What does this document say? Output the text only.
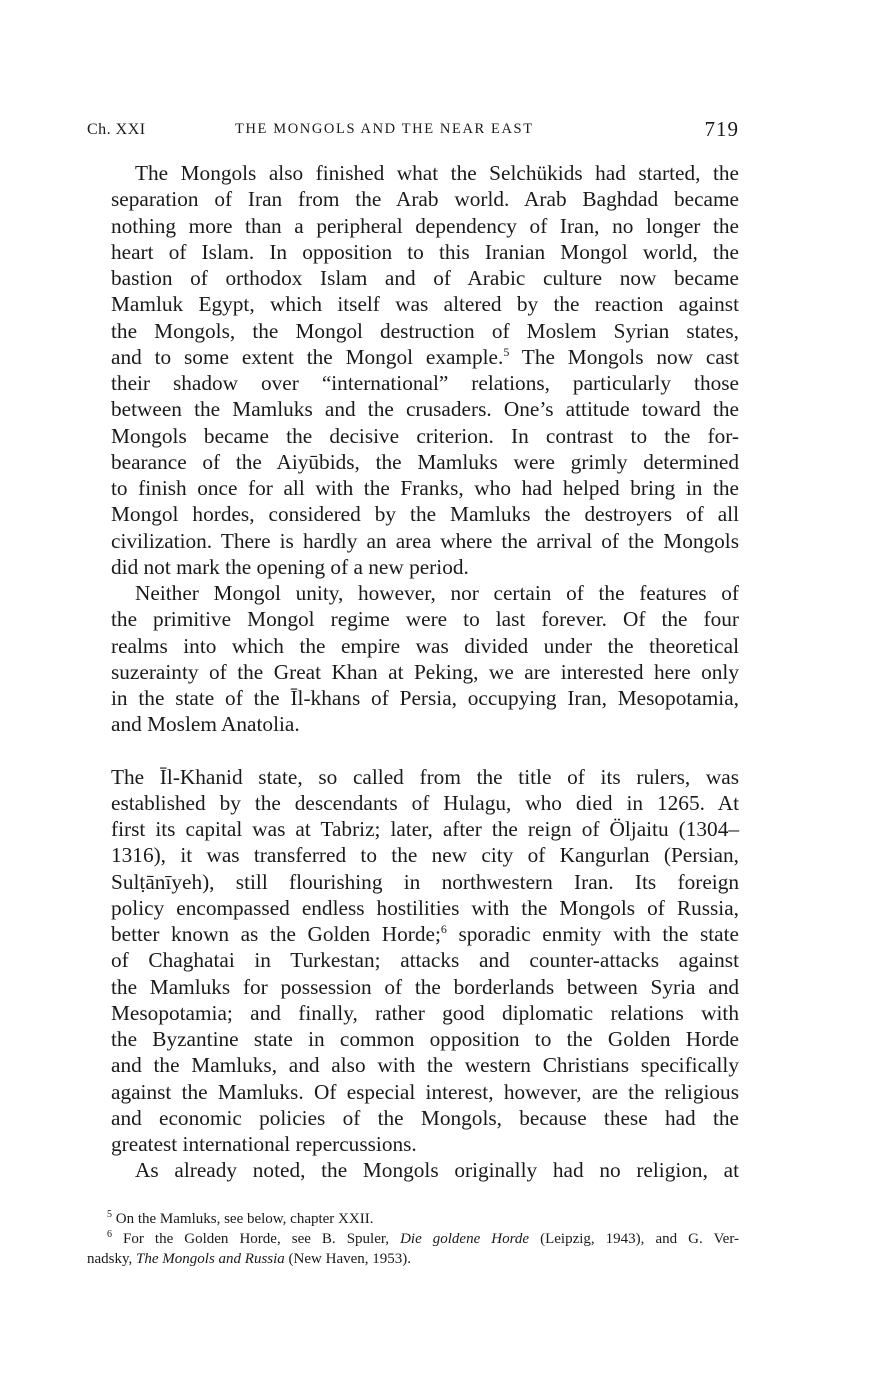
Ch. XXI	THE MONGOLS AND THE NEAR EAST	719
The Mongols also finished what the Selchükids had started, the
separation of Iran from the Arab world. Arab Baghdad became
nothing more than a peripheral dependency of Iran, no longer the
heart of Islam. In opposition to this Iranian Mongol world, the
bastion of orthodox Islam and of Arabic culture now became
Mamluk Egypt, which itself was altered by the reaction against
the Mongols, the Mongol destruction of Moslem Syrian states,
and to some extent the Mongol example.$^5$ The Mongols now cast
their shadow over “international” relations, particularly those
between the Mamluks and the crusaders. One’s attitude toward the
Mongols became the decisive criterion. In contrast to the for-
bearance of the Aiyūbids, the Mamluks were grimly determined
to finish once for all with the Franks, who had helped bring in the
Mongol hordes, considered by the Mamluks the destroyers of all
civilization. There is hardly an area where the arrival of the Mongols
did not mark the opening of a new period.
Neither Mongol unity, however, nor certain of the features of
the primitive Mongol regime were to last forever. Of the four
realms into which the empire was divided under the theoretical
suzerainty of the Great Khan at Peking, we are interested here only
in the state of the Īl-khans of Persia, occupying Iran, Mesopotamia,
and Moslem Anatolia.
The Īl-Khanid state, so called from the title of its rulers, was
established by the descendants of Hulagu, who died in 1265. At
first its capital was at Tabriz; later, after the reign of Öljaitu (1304–
1316), it was transferred to the new city of Kangurlan (Persian,
Sulṭānīyeh), still flourishing in northwestern Iran. Its foreign
policy encompassed endless hostilities with the Mongols of Russia,
better known as the Golden Horde;$^6$ sporadic enmity with the state
of Chaghatai in Turkestan; attacks and counter-attacks against
the Mamluks for possession of the borderlands between Syria and
Mesopotamia; and finally, rather good diplomatic relations with
the Byzantine state in common opposition to the Golden Horde
and the Mamluks, and also with the western Christians specifically
against the Mamluks. Of especial interest, however, are the religious
and economic policies of the Mongols, because these had the
greatest international repercussions.
As already noted, the Mongols originally had no religion, at
$^5$ On the Mamluks, see below, chapter XXII.
$^6$ For the Golden Horde, see B. Spuler, Die goldene Horde (Leipzig, 1943), and G. Ver-
nadsky, The Mongols and Russia (New Haven, 1953).
